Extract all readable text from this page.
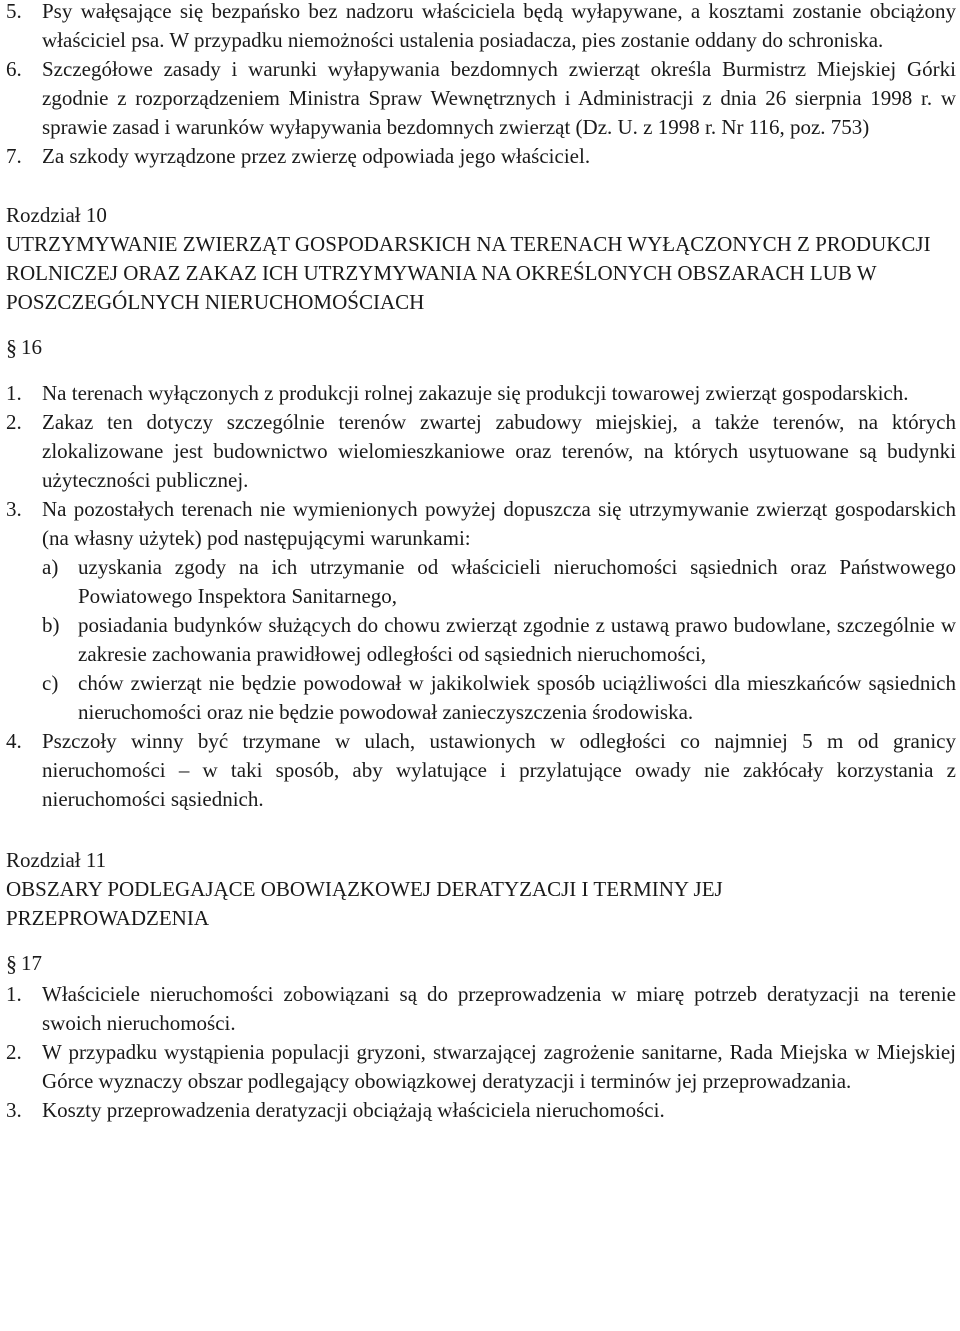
5. Psy wałęsające się bezpańsko bez nadzoru właściciela będą wyłapywane, a kosztami zostanie obciążony właściciel psa. W przypadku niemożności ustalenia posiadacza, pies zostanie oddany do schroniska.
6. Szczegółowe zasady i warunki wyłapywania bezdomnych zwierząt określa Burmistrz Miejskiej Górki zgodnie z rozporządzeniem Ministra Spraw Wewnętrznych i Administracji z dnia 26 sierpnia 1998 r. w sprawie zasad i warunków wyłapywania bezdomnych zwierząt (Dz. U. z 1998 r. Nr 116, poz. 753)
7. Za szkody wyrządzone przez zwierzę odpowiada jego właściciel.
Rozdział 10
UTRZYMYWANIE ZWIERZĄT GOSPODARSKICH NA TERENACH WYŁĄCZONYCH Z PRODUKCJI ROLNICZEJ ORAZ ZAKAZ ICH UTRZYMYWANIA NA OKREŚLONYCH OBSZARACH LUB W POSZCZEGÓLNYCH NIERUCHOMOŚCIACH
§ 16
1. Na terenach wyłączonych z produkcji rolnej zakazuje się produkcji towarowej zwierząt gospodarskich.
2. Zakaz ten dotyczy szczególnie terenów zwartej zabudowy miejskiej, a także terenów, na których zlokalizowane jest budownictwo wielomieszkaniowe oraz terenów, na których usytuowane są budynki użyteczności publicznej.
3. Na pozostałych terenach nie wymienionych powyżej dopuszcza się utrzymywanie zwierząt gospodarskich (na własny użytek) pod następującymi warunkami:
a) uzyskania zgody na ich utrzymanie od właścicieli nieruchomości sąsiednich oraz Państwowego Powiatowego Inspektora Sanitarnego,
b) posiadania budynków służących do chowu zwierząt zgodnie z ustawą prawo budowlane, szczególnie w zakresie zachowania prawidłowej odległości od sąsiednich nieruchomości,
c) chów zwierząt nie będzie powodował w jakikolwiek sposób uciążliwości dla mieszkańców sąsiednich nieruchomości oraz nie będzie powodował zanieczyszczenia środowiska.
4. Pszczoły winny być trzymane w ulach, ustawionych w odległości co najmniej 5 m od granicy nieruchomości – w taki sposób, aby wylatujące i przylatujące owady nie zakłócały korzystania z nieruchomości sąsiednich.
Rozdział 11
OBSZARY PODLEGAJĄCE OBOWIĄZKOWEJ DERATYZACJI I TERMINY JEJ PRZEPROWADZENIA
§ 17
1. Właściciele nieruchomości zobowiązani są do przeprowadzenia w miarę potrzeb deratyzacji na terenie swoich nieruchomości.
2. W przypadku wystąpienia populacji gryzoni, stwarzającej zagrożenie sanitarne, Rada Miejska w Miejskiej Górce wyznaczy obszar podlegający obowiązkowej deratyzacji i terminów jej przeprowadzania.
3. Koszty przeprowadzenia deratyzacji obciążają właściciela nieruchomości.
